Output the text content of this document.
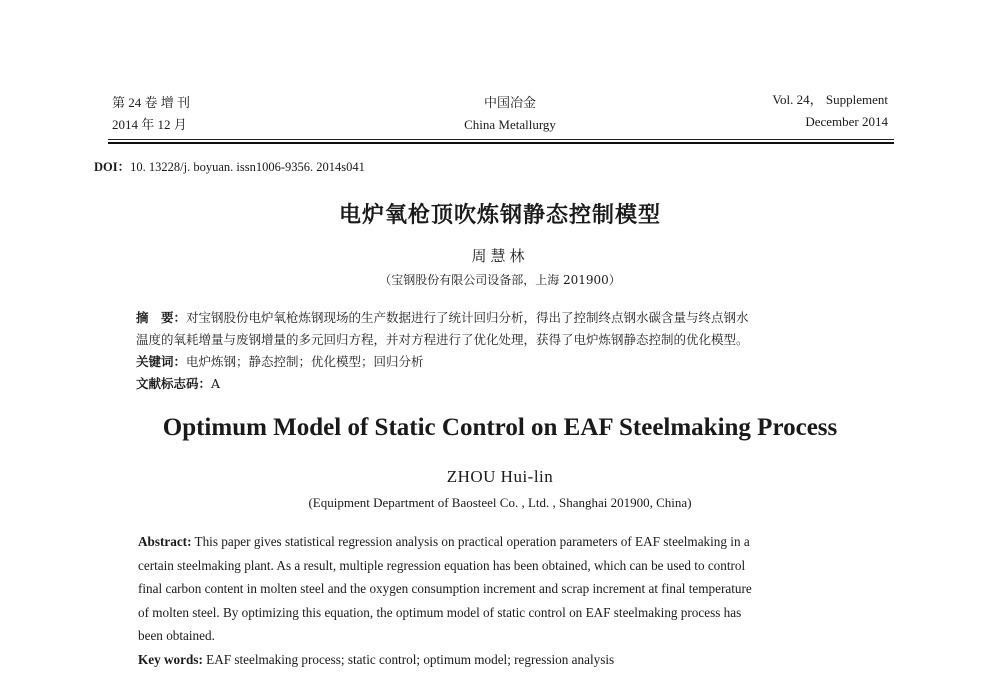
第 24 卷 增 刊
2014 年 12 月
中国冶金
China Metallurgy
Vol. 24， Supplement
December 2014
DOI：10. 13228/j. boyuan. issn1006-9356. 2014s041
电炉氧枪顶吹炼钢静态控制模型
周慧林
（宝钢股份有限公司设备部，上海 201900）
摘　要：对宝钢股份电炉氧枪炼钢现场的生产数据进行了统计回归分析，得出了控制终点钢水碳含量与终点钢水
温度的氧耗增量与废钢增量的多元回归方程，并对方程进行了优化处理，获得了电炉炼钢静态控制的优化模型。
关键词：电炉炼钢；静态控制；优化模型；回归分析
文献标志码：A
Optimum Model of Static Control on EAF Steelmaking Process
ZHOU Hui-lin
(Equipment Department of Baosteel Co. , Ltd. , Shanghai 201900, China)
Abstract: This paper gives statistical regression analysis on practical operation parameters of EAF steelmaking in a
certain steelmaking plant. As a result, multiple regression equation has been obtained, which can be used to control
final carbon content in molten steel and the oxygen consumption increment and scrap increment at final temperature
of molten steel. By optimizing this equation, the optimum model of static control on EAF steelmaking process has
been obtained.
Key words: EAF steelmaking process; static control; optimum model; regression analysis
